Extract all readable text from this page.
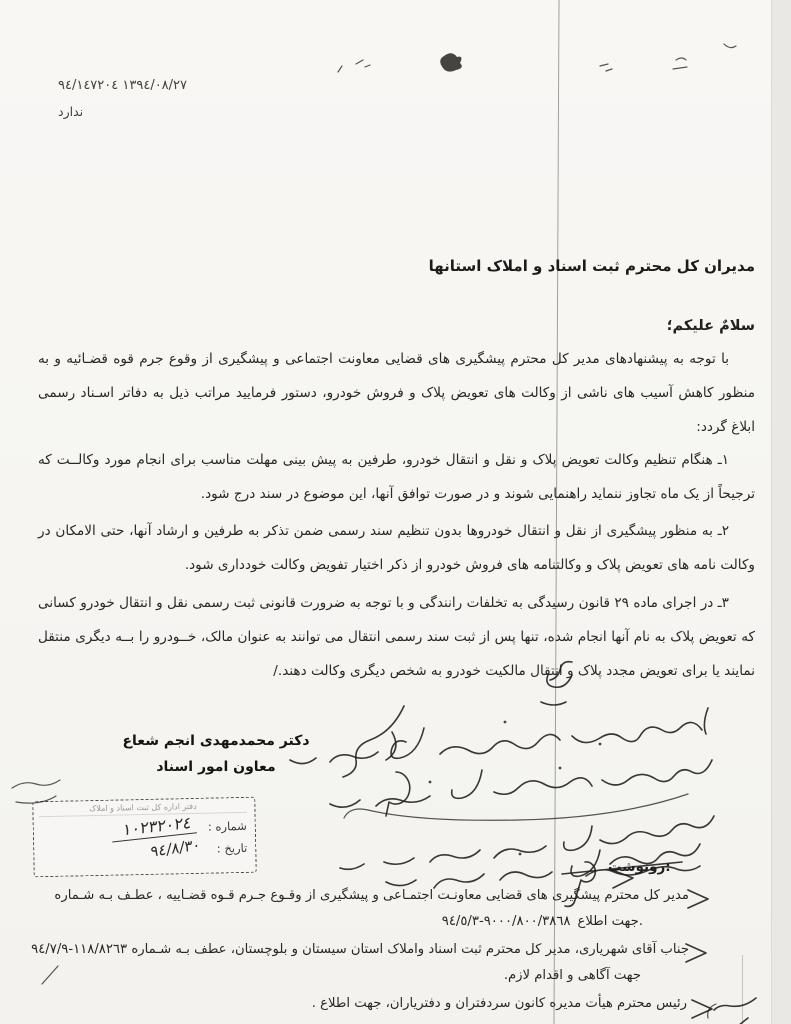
٩٤/١٤٧٢٠٤ ١٣٩٤/٠٨/٢٧
ندارد
مدیران کل محترم ثبت اسناد و املاک استانها
سلامٌ علیکم؛
با توجه به پیشنهادهای مدیر کل محترم پیشگیری های قضایی معاونت اجتماعی و پیشگیری از وقوع جرم قوه قضـائیه و به منظور کاهش آسیب های ناشی از وکالت های تعویض پلاک و فروش خودرو، دستور فرمایید مراتب ذیل به دفاتر اسـناد رسمی ابلاغ گردد:
١ـ هنگام تنظیم وکالت تعویض پلاک و نقل و انتقال خودرو، طرفین به پیش بینی مهلت مناسب برای انجام مورد وکالــت که ترجیحاً از یک ماه تجاوز ننماید راهنمایی شوند و در صورت توافق آنها، این موضوع در سند درج شود.
٢ـ به منظور پیشگیری از نقل و انتقال خودروها بدون تنظیم سند رسمی ضمن تذکر به طرفین و ارشاد آنها، حتی الامکان در وکالت نامه های تعویض پلاک و وکالتنامه های فروش خودرو از ذکر اختیار تفویض وکالت خودداری شود.
٣ـ در اجرای ماده ٢٩ قانون رسیدگی به تخلفات رانندگی و با توجه به ضرورت قانونی ثبت رسمی نقل و انتقال خودرو کسانی که تعویض پلاک به نام آنها انجام شده، تنها پس از ثبت سند رسمی انتقال می توانند به عنوان مالک، خــودرو را بــه دیگری منتقل نمایند یا برای تعویض مجدد پلاک و انتقال مالکیت خودرو به شخص دیگری وکالت دهند./
دکتر محمدمهدی انجم شعاع
معاون امور اسناد
دفتر اداره کل ثبت اسناد و املاک
شماره :
١٠٢٣٢٠٢٤
تاریخ :
٩٤/٨/٣٠
رونوشت:
مدیر کل محترم پیشگیری های قضایی معاونـت اجتمـاعی و پیشگیری از وقـوع جـرم قـوه قضـاییه ، عطـف بـه شـماره
٩٤/٥/٣-٩٠٠٠/٨٠٠/٣٨٦٨ جهت اطلاع.
جناب آقای شهریاری، مدیر کل محترم ثبت اسناد واملاک استان سیستان و بلوچستان، عطف بـه شـماره ٩٤/٧/٩-١١٨/٨٢٦٣
جهت آگاهی و اقدام لازم.
رئیس محترم هیأت مدیره کانون سردفتران و دفتریاران، جهت اطلاع .
